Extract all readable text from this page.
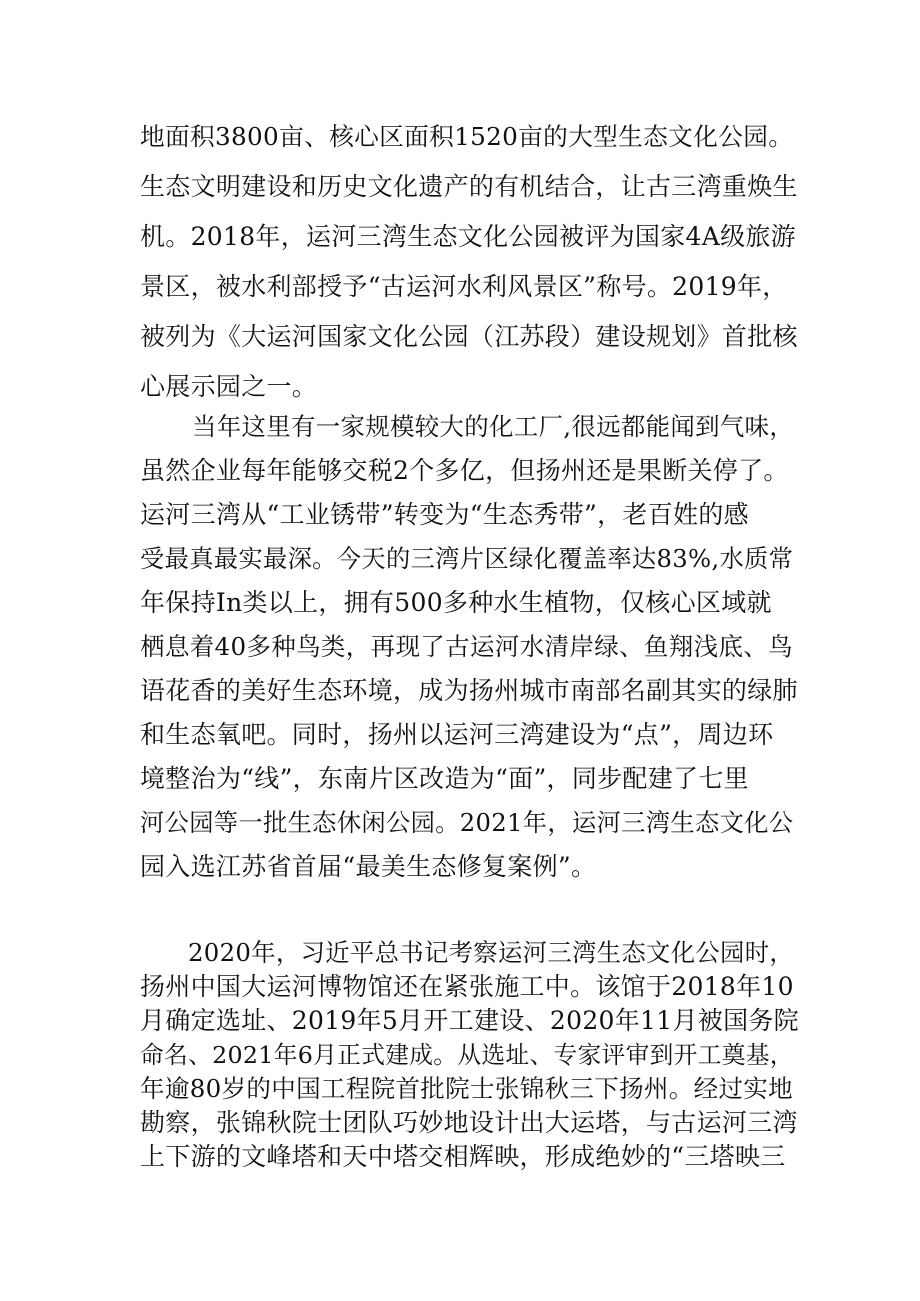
地面积3800亩、核心区面积1520亩的大型生态文化公园。
生态文明建设和历史文化遗产的有机结合，让古三湾重焕生
机。2018年，运河三湾生态文化公园被评为国家4A级旅游
景区，被水利部授予“古运河水利风景区”称号。2019年，
被列为《大运河国家文化公园（江苏段）建设规划》首批核
心展示园之一。
当年这里有一家规模较大的化工厂,很远都能闻到气味，
虽然企业每年能够交税2个多亿，但扬州还是果断关停了。
运河三湾从“工业锈带”转变为“生态秀带”，老百姓的感
受最真最实最深。今天的三湾片区绿化覆盖率达83%,水质常
年保持In类以上，拥有500多种水生植物，仅核心区域就
栖息着40多种鸟类，再现了古运河水清岸绿、鱼翔浅底、鸟
语花香的美好生态环境，成为扬州城市南部名副其实的绿肺
和生态氧吧。同时，扬州以运河三湾建设为“点”，周边环
境整治为“线”，东南片区改造为“面”，同步配建了七里
河公园等一批生态休闲公园。2021年，运河三湾生态文化公
园入选江苏省首届“最美生态修复案例”。
2020年，习近平总书记考察运河三湾生态文化公园时，
扬州中国大运河博物馆还在紧张施工中。该馆于2018年10
月确定选址、2019年5月开工建设、2020年11月被国务院
命名、2021年6月正式建成。从选址、专家评审到开工奠基，
年逾80岁的中国工程院首批院士张锦秋三下扬州。经过实地
勘察，张锦秋院士团队巧妙地设计出大运塔，与古运河三湾
上下游的文峰塔和天中塔交相辉映，形成绝妙的“三塔映三
